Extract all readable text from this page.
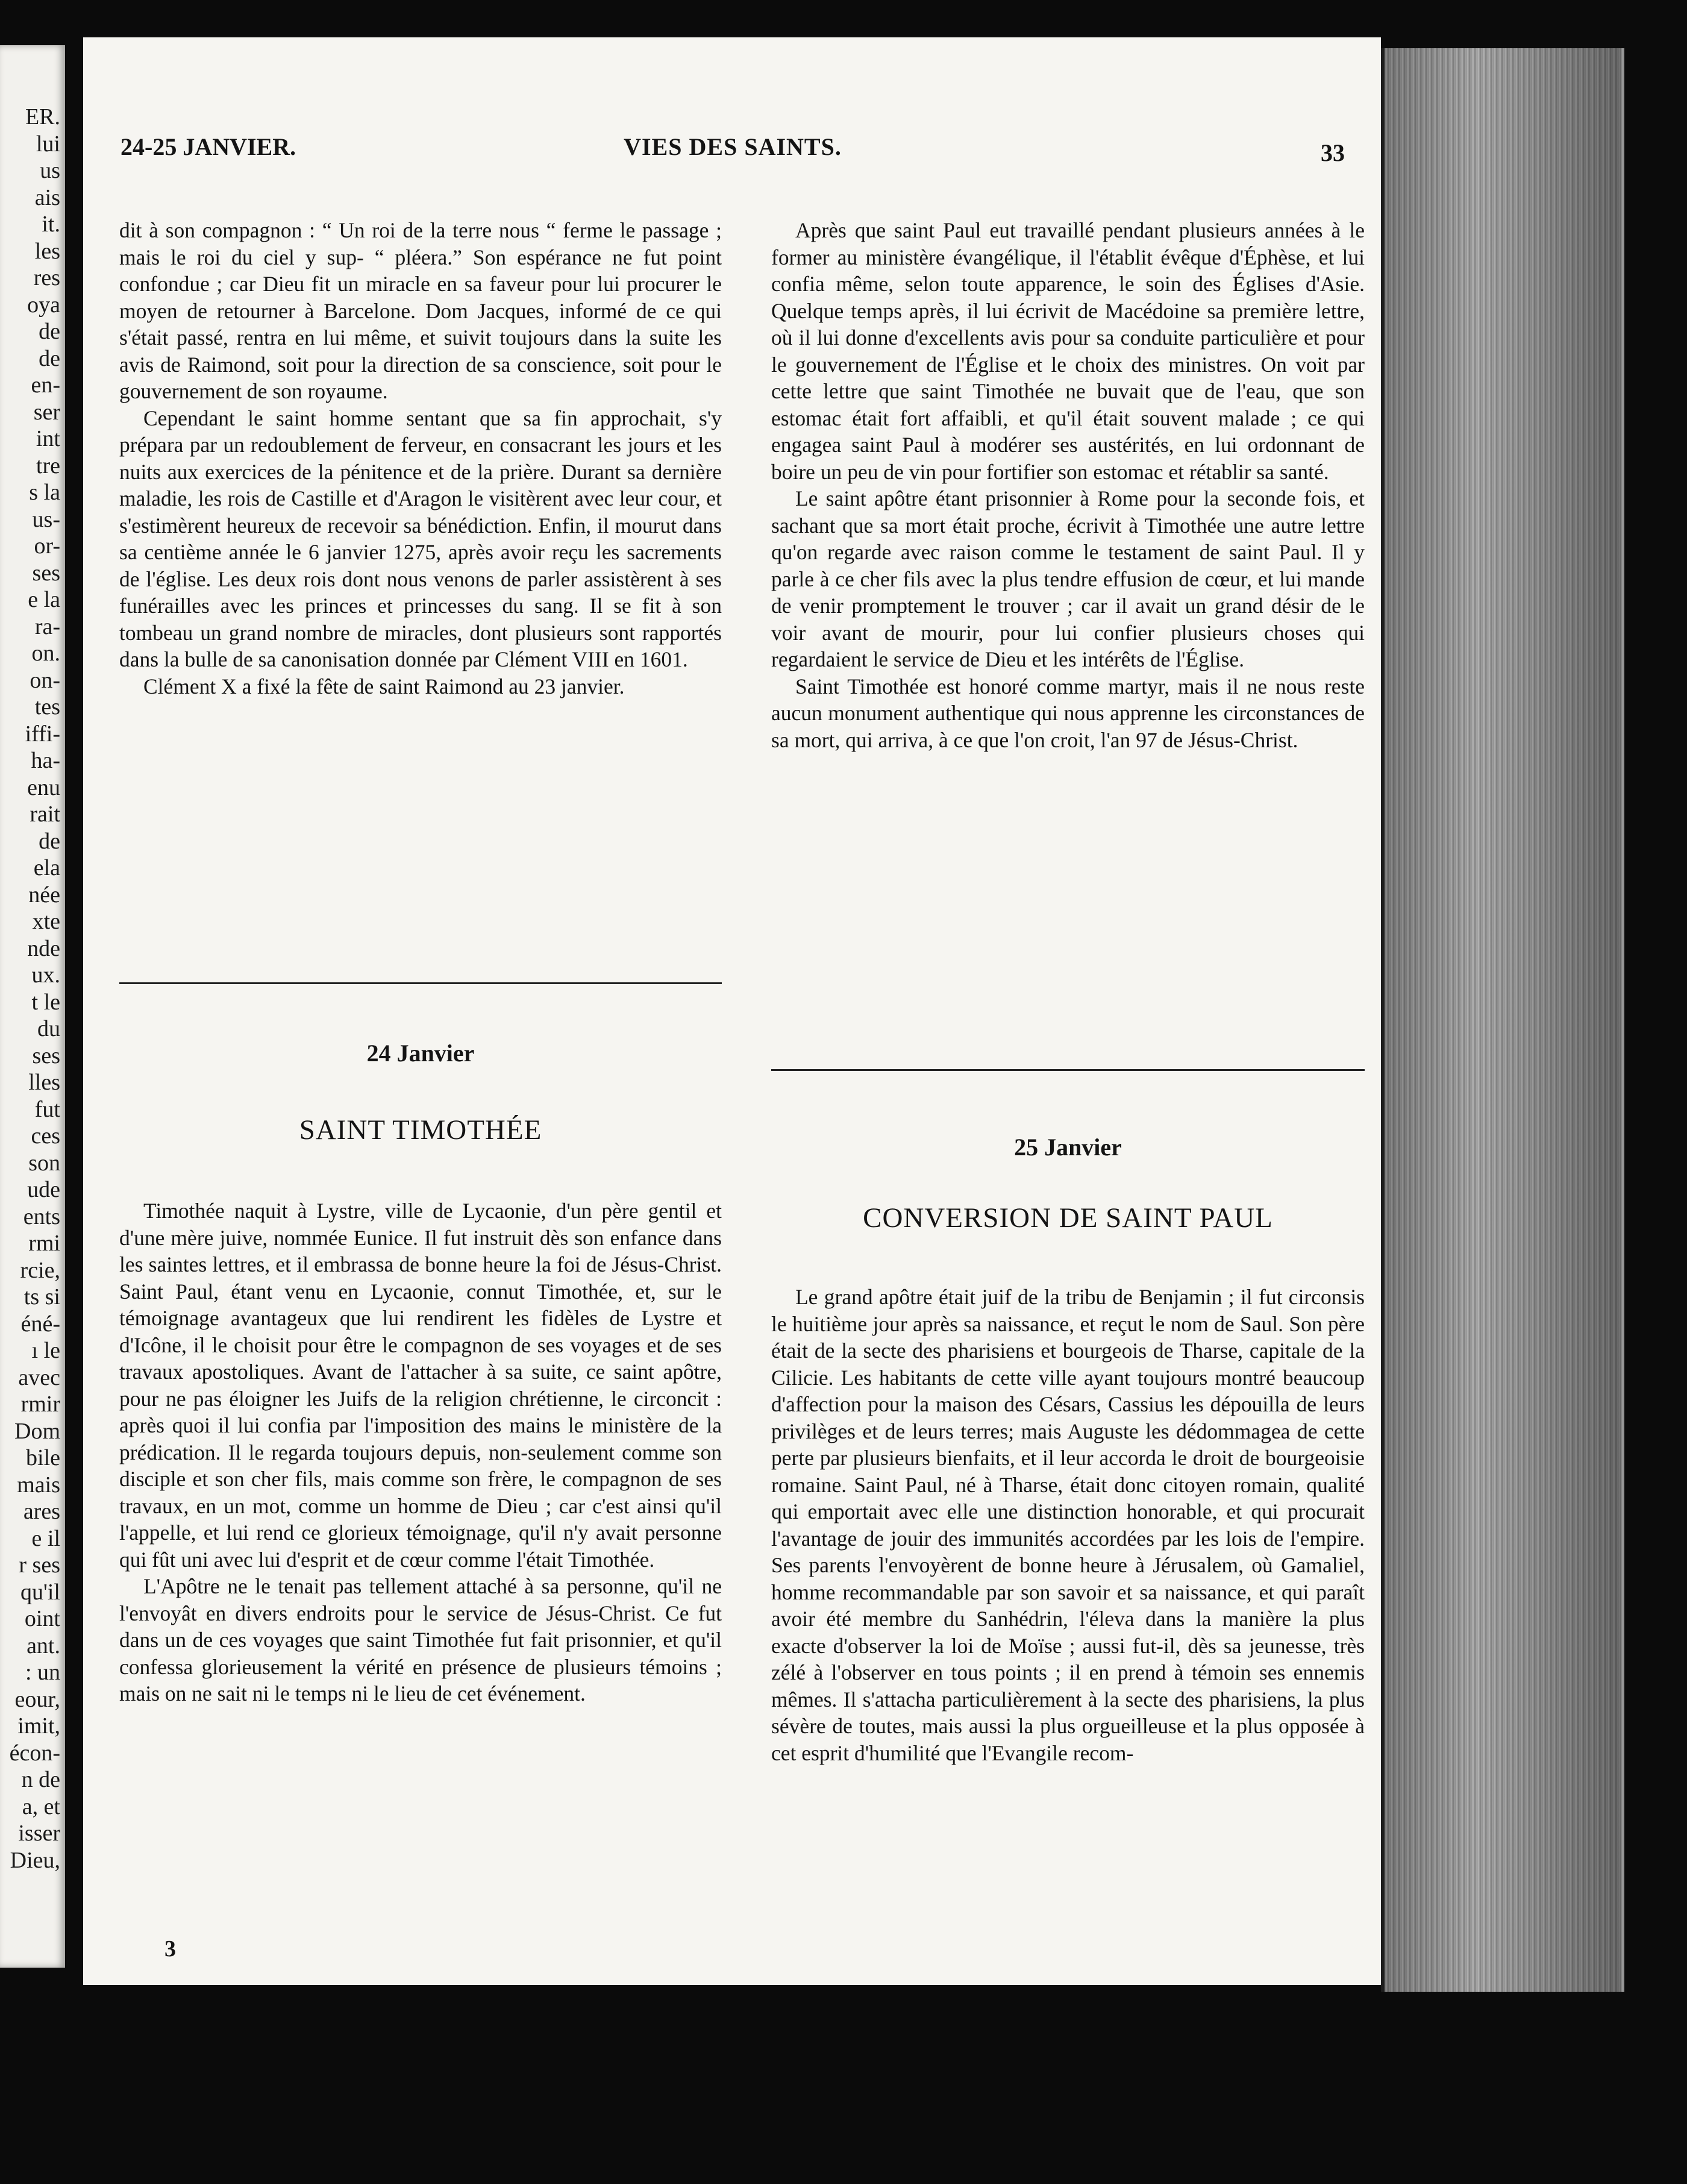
ER.
lui
us
ais
it.
les
res
oya
de
de
en-
ser
int
tre
s la
us-
or-
ses
e la
ra-
on.
on-
tes
iffi-
ha-
enu
rait
de
ela
née
xte
nde
ux.
t le
du
ses
lles
fut
ces
son
ude
ents
rmi
rcie,
ts si
éné-
ı le
avec
rmir
Dom
bile
mais
ares
e il
r ses
qu'il
oint
ant.
: un
eour,
imit,
écon-
n de
a, et
isser
Dieu,
24-25 JANVIER.	VIES DES SAINTS.	33

dit à son compagnon : “ Un roi de la terre nous “ ferme le passage ; mais le roi du ciel y sup- “ pléera.” Son espérance ne fut point confondue ; car Dieu fit un miracle en sa faveur pour lui procurer le moyen de retourner à Barcelone. Dom Jacques, informé de ce qui s'était passé, rentra en lui même, et suivit toujours dans la suite les avis de Raimond, soit pour la direction de sa conscience, soit pour le gouvernement de son royaume.

Cependant le saint homme sentant que sa fin approchait, s'y prépara par un redoublement de ferveur, en consacrant les jours et les nuits aux exercices de la pénitence et de la prière. Durant sa dernière maladie, les rois de Castille et d'Aragon le visitèrent avec leur cour, et s'estimèrent heureux de recevoir sa bénédiction. Enfin, il mourut dans sa centième année le 6 janvier 1275, après avoir reçu les sacrements de l'église. Les deux rois dont nous venons de parler assistèrent à ses funérailles avec les princes et princesses du sang. Il se fit à son tombeau un grand nombre de miracles, dont plusieurs sont rapportés dans la bulle de sa canonisation donnée par Clément VIII en 1601.

Clément X a fixé la fête de saint Raimond au 23 janvier.

24 Janvier
SAINT TIMOTHÉE

Timothée naquit à Lystre, ville de Lycaonie, d'un père gentil et d'une mère juive, nommée Eunice. Il fut instruit dès son enfance dans les saintes lettres, et il embrassa de bonne heure la foi de Jésus-Christ. Saint Paul, étant venu en Lycaonie, connut Timothée, et, sur le témoignage avantageux que lui rendirent les fidèles de Lystre et d'Icône, il le choisit pour être le compagnon de ses voyages et de ses travaux apostoliques. Avant de l'attacher à sa suite, ce saint apôtre, pour ne pas éloigner les Juifs de la religion chrétienne, le circoncit : après quoi il lui confia par l'imposition des mains le ministère de la prédication. Il le regarda toujours depuis, non-seulement comme son disciple et son cher fils, mais comme son frère, le compagnon de ses travaux, en un mot, comme un homme de Dieu ; car c'est ainsi qu'il l'appelle, et lui rend ce glorieux témoignage, qu'il n'y avait personne qui fût uni avec lui d'esprit et de cœur comme l'était Timothée.

L'Apôtre ne le tenait pas tellement attaché à sa personne, qu'il ne l'envoyât en divers endroits pour le service de Jésus-Christ. Ce fut dans un de ces voyages que saint Timothée fut fait prisonnier, et qu'il confessa glorieusement la vérité en présence de plusieurs témoins ; mais on ne sait ni le temps ni le lieu de cet événement.

3

Après que saint Paul eut travaillé pendant plusieurs années à le former au ministère évangélique, il l'établit évêque d'Éphèse, et lui confia même, selon toute apparence, le soin des Églises d'Asie. Quelque temps après, il lui écrivit de Macédoine sa première lettre, où il lui donne d'excellents avis pour sa conduite particulière et pour le gouvernement de l'Église et le choix des ministres. On voit par cette lettre que saint Timothée ne buvait que de l'eau, que son estomac était fort affaibli, et qu'il était souvent malade ; ce qui engagea saint Paul à modérer ses austérités, en lui ordonnant de boire un peu de vin pour fortifier son estomac et rétablir sa santé.

Le saint apôtre étant prisonnier à Rome pour la seconde fois, et sachant que sa mort était proche, écrivit à Timothée une autre lettre qu'on regarde avec raison comme le testament de saint Paul. Il y parle à ce cher fils avec la plus tendre effusion de cœur, et lui mande de venir promptement le trouver ; car il avait un grand désir de le voir avant de mourir, pour lui confier plusieurs choses qui regardaient le service de Dieu et les intérêts de l'Église.

Saint Timothée est honoré comme martyr, mais il ne nous reste aucun monument authentique qui nous apprenne les circonstances de sa mort, qui arriva, à ce que l'on croit, l'an 97 de Jésus-Christ.

25 Janvier
CONVERSION DE SAINT PAUL

Le grand apôtre était juif de la tribu de Benjamin ; il fut circonsis le huitième jour après sa naissance, et reçut le nom de Saul. Son père était de la secte des pharisiens et bourgeois de Tharse, capitale de la Cilicie. Les habitants de cette ville ayant toujours montré beaucoup d'affection pour la maison des Césars, Cassius les dépouilla de leurs privilèges et de leurs terres; mais Auguste les dédommagea de cette perte par plusieurs bienfaits, et il leur accorda le droit de bourgeoisie romaine. Saint Paul, né à Tharse, était donc citoyen romain, qualité qui emportait avec elle une distinction honorable, et qui procurait l'avantage de jouir des immunités accordées par les lois de l'empire. Ses parents l'envoyèrent de bonne heure à Jérusalem, où Gamaliel, homme recommandable par son savoir et sa naissance, et qui paraît avoir été membre du Sanhédrin, l'éleva dans la manière la plus exacte d'observer la loi de Moïse ; aussi fut-il, dès sa jeunesse, très zélé à l'observer en tous points ; il en prend à témoin ses ennemis mêmes. Il s'attacha particulièrement à la secte des pharisiens, la plus sévère de toutes, mais aussi la plus orgueilleuse et la plus opposée à cet esprit d'humilité que l'Evangile recom-
